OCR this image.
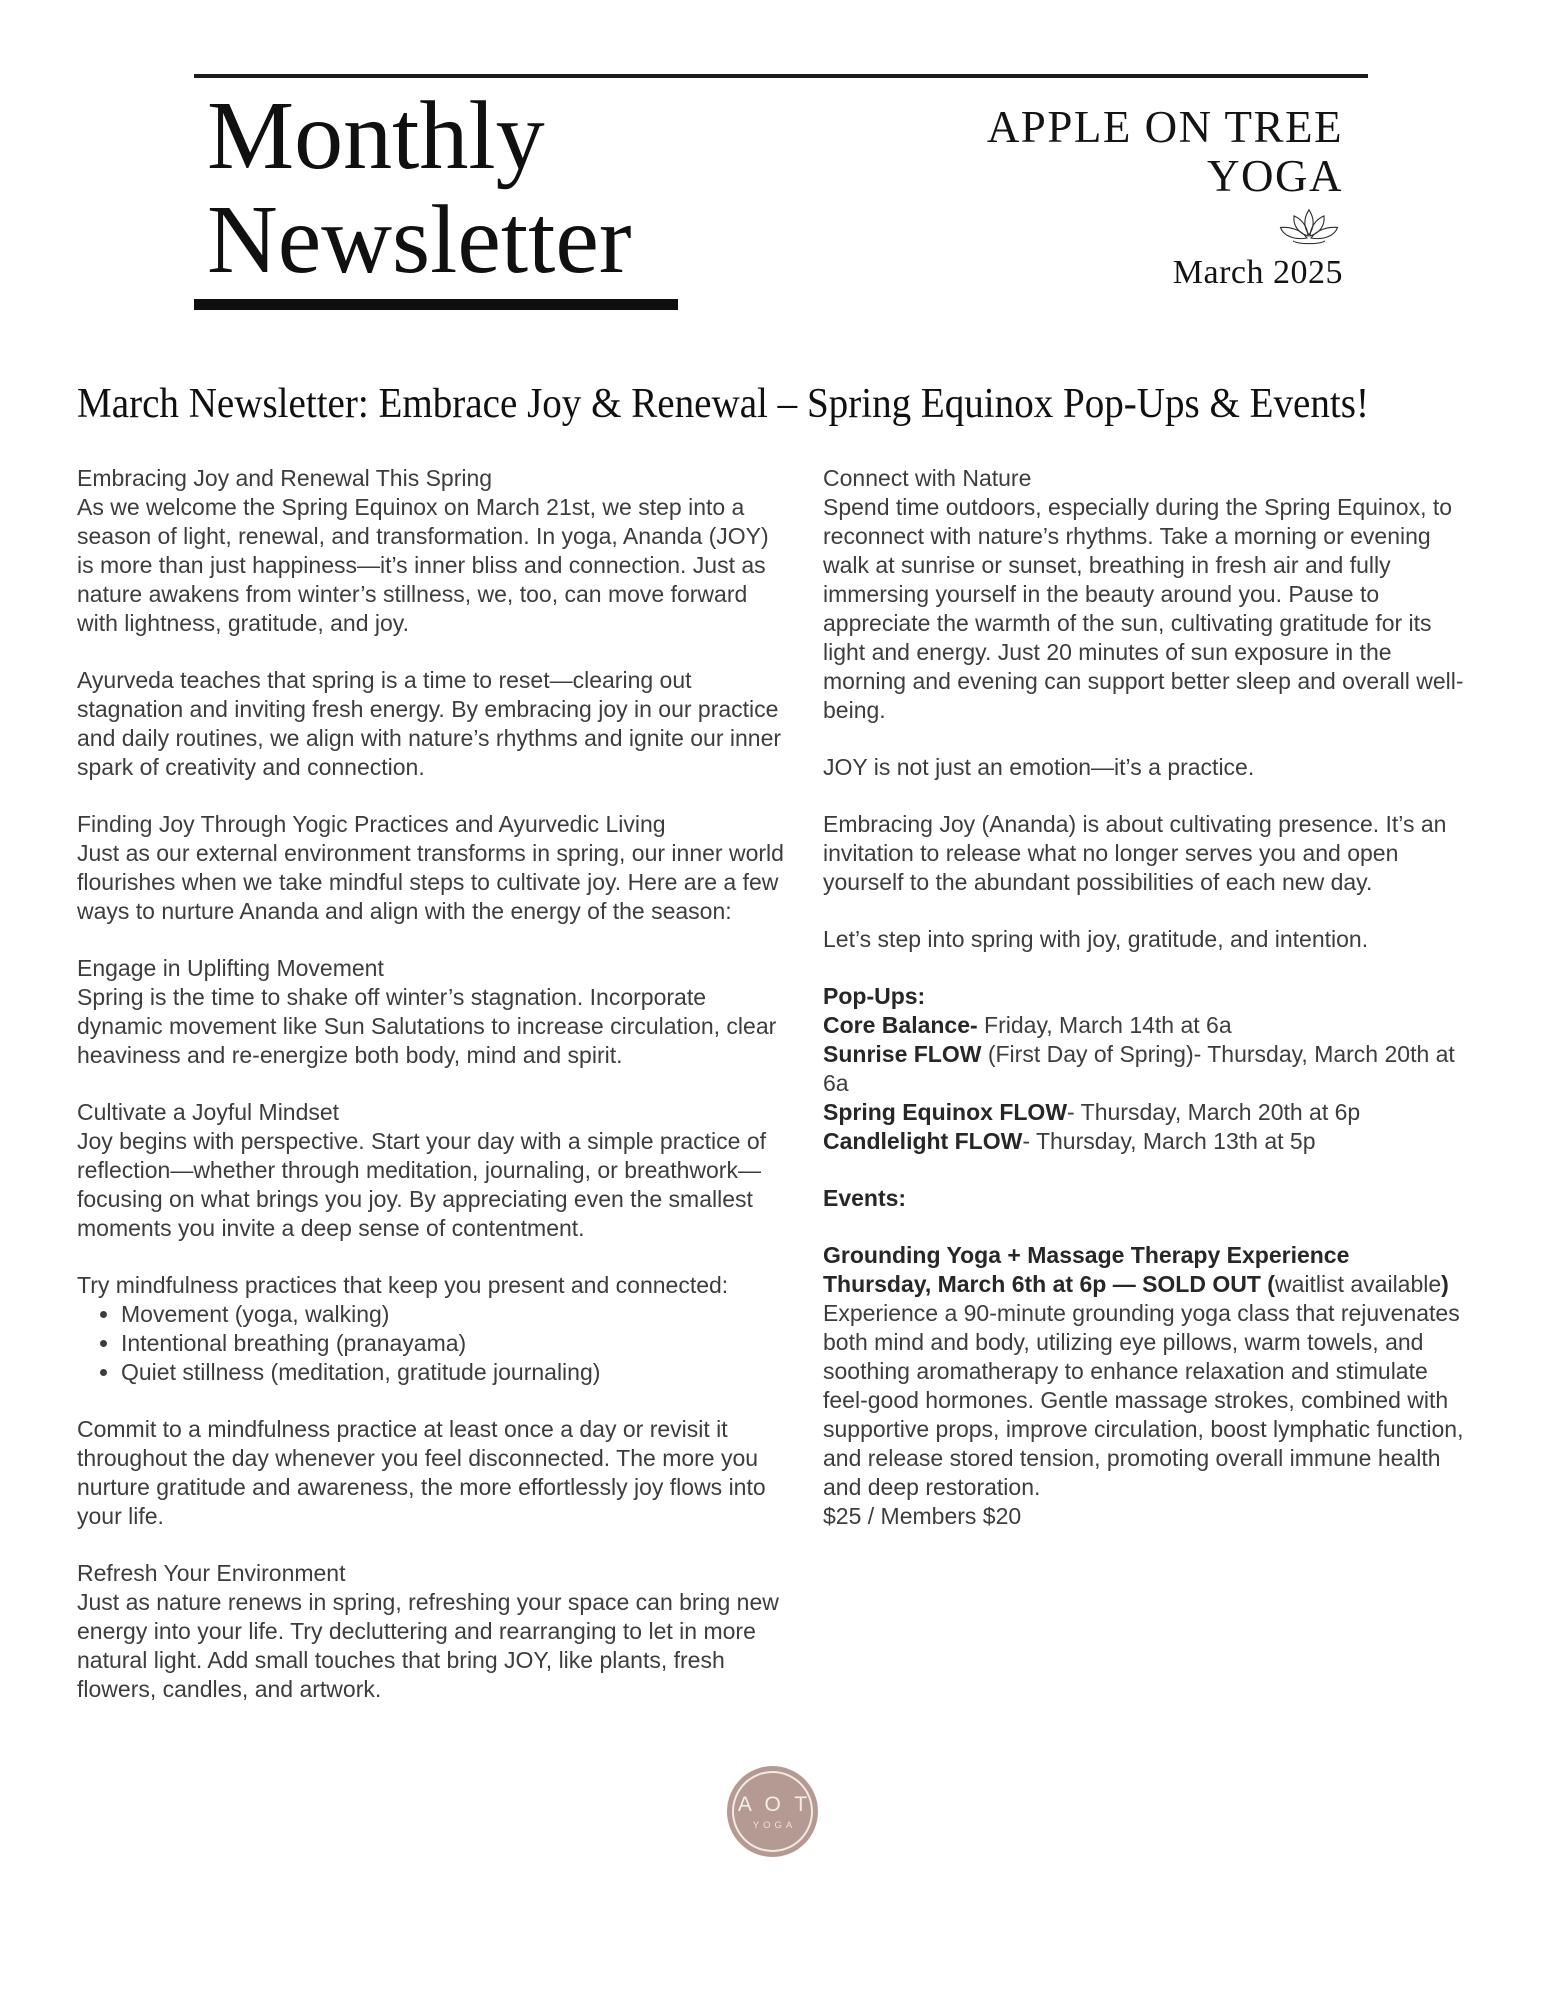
Monthly
Newsletter
APPLE ON TREE
YOGA
March 2025
March Newsletter: Embrace Joy & Renewal – Spring Equinox Pop-Ups & Events!
Embracing Joy and Renewal This Spring
As we welcome the Spring Equinox on March 21st, we step into a season of light, renewal, and transformation. In yoga, Ananda (JOY) is more than just happiness—it’s inner bliss and connection. Just as nature awakens from winter’s stillness, we, too, can move forward with lightness, gratitude, and joy.
Ayurveda teaches that spring is a time to reset—clearing out stagnation and inviting fresh energy. By embracing joy in our practice and daily routines, we align with nature’s rhythms and ignite our inner spark of creativity and connection.
Finding Joy Through Yogic Practices and Ayurvedic Living
Just as our external environment transforms in spring, our inner world flourishes when we take mindful steps to cultivate joy. Here are a few ways to nurture Ananda and align with the energy of the season:
Engage in Uplifting Movement
Spring is the time to shake off winter’s stagnation. Incorporate dynamic movement like Sun Salutations to increase circulation, clear heaviness and re-energize both body, mind and spirit.
Cultivate a Joyful Mindset
Joy begins with perspective. Start your day with a simple practice of reflection—whether through meditation, journaling, or breathwork—focusing on what brings you joy. By appreciating even the smallest moments you invite a deep sense of contentment.
Try mindfulness practices that keep you present and connected:
• Movement (yoga, walking)
• Intentional breathing (pranayama)
• Quiet stillness (meditation, gratitude journaling)
Commit to a mindfulness practice at least once a day or revisit it throughout the day whenever you feel disconnected. The more you nurture gratitude and awareness, the more effortlessly joy flows into your life.
Refresh Your Environment
Just as nature renews in spring, refreshing your space can bring new energy into your life. Try decluttering and rearranging to let in more natural light. Add small touches that bring JOY, like plants, fresh flowers, candles, and artwork.
Connect with Nature
Spend time outdoors, especially during the Spring Equinox, to reconnect with nature’s rhythms. Take a morning or evening walk at sunrise or sunset, breathing in fresh air and fully immersing yourself in the beauty around you. Pause to appreciate the warmth of the sun, cultivating gratitude for its light and energy. Just 20 minutes of sun exposure in the morning and evening can support better sleep and overall well-being.
JOY is not just an emotion—it’s a practice.
Embracing Joy (Ananda) is about cultivating presence. It’s an invitation to release what no longer serves you and open yourself to the abundant possibilities of each new day.
Let’s step into spring with joy, gratitude, and intention.
Pop-Ups:
Core Balance- Friday, March 14th at 6a
Sunrise FLOW (First Day of Spring)- Thursday, March 20th at 6a
Spring Equinox FLOW- Thursday, March 20th at 6p
Candlelight FLOW- Thursday, March 13th at 5p
Events:
Grounding Yoga + Massage Therapy Experience
Thursday, March 6th at 6p — SOLD OUT (waitlist available)
Experience a 90-minute grounding yoga class that rejuvenates both mind and body, utilizing eye pillows, warm towels, and soothing aromatherapy to enhance relaxation and stimulate feel-good hormones. Gentle massage strokes, combined with supportive props, improve circulation, boost lymphatic function, and release stored tension, promoting overall immune health and deep restoration.
$25 / Members $20
A O T
YOGA
